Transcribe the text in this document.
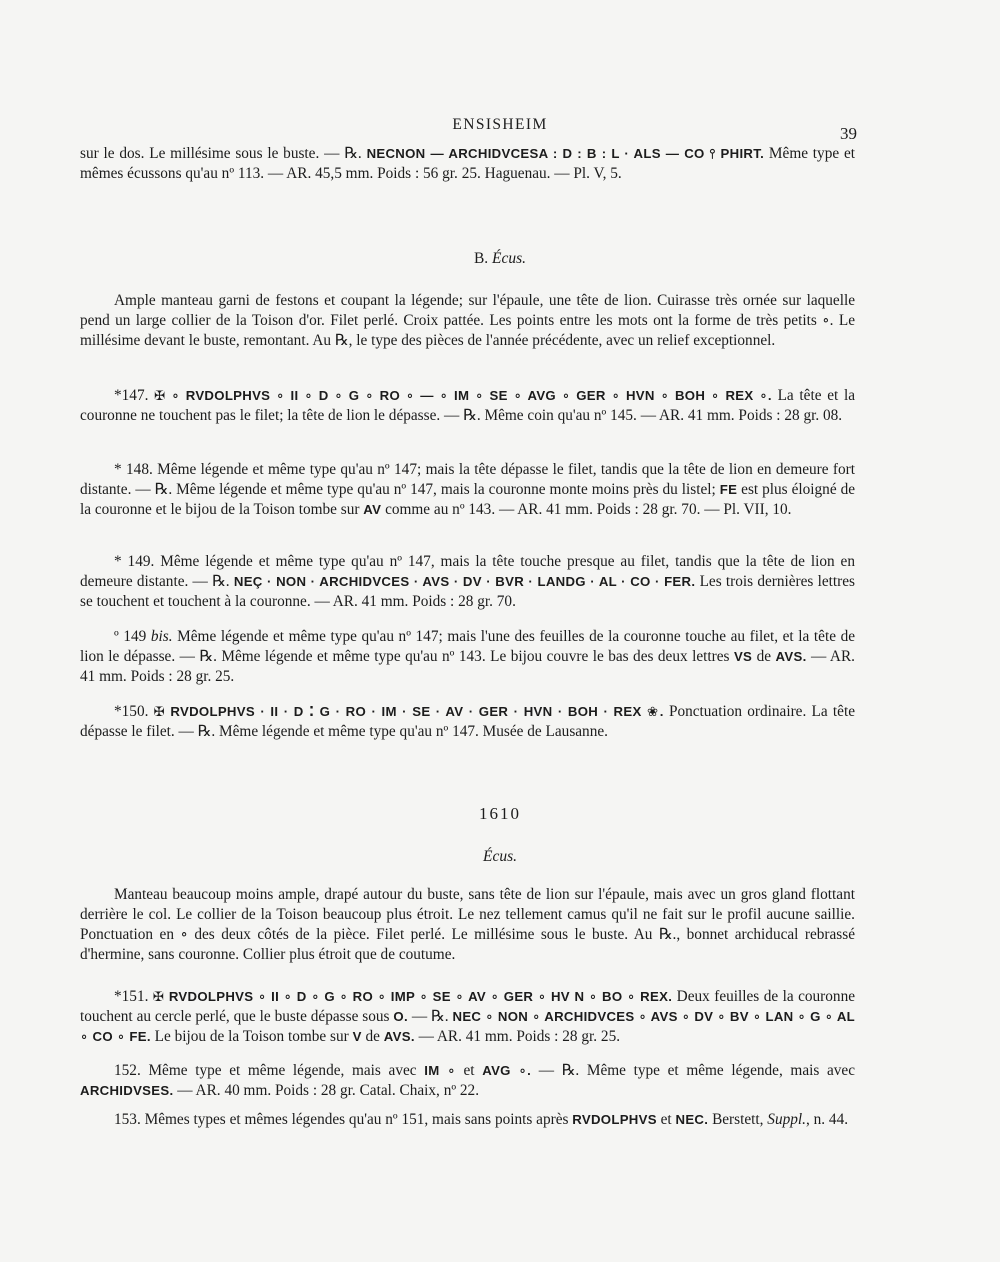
ENSISHEIM	39
sur le dos. Le millésime sous le buste. — ℞. NECNON — ARCHIDVCESA : D : B : L · ALS — CO ⫯ PHIRT. Même type et mêmes écussons qu'au nº 113. — AR. 45,5 mm. Poids : 56 gr. 25. Haguenau. — Pl. V, 5.
B. Écus.
Ample manteau garni de festons et coupant la légende; sur l'épaule, une tête de lion. Cuirasse très ornée sur laquelle pend un large collier de la Toison d'or. Filet perlé. Croix pattée. Les points entre les mots ont la forme de très petits ∘. Le millésime devant le buste, remontant. Au ℞, le type des pièces de l'année précédente, avec un relief exceptionnel.
*147. ✠ ∘ RVDOLPHVS ∘ II ∘ D ∘ G ∘ RO ∘ — ∘ IM ∘ SE ∘ AVG ∘ GER ∘ HVN ∘ BOH ∘ REX ∘. La tête et la couronne ne touchent pas le filet; la tête de lion le dépasse. — ℞. Même coin qu'au nº 145. — AR. 41 mm. Poids : 28 gr. 08.
* 148. Même légende et même type qu'au nº 147; mais la tête dépasse le filet, tandis que la tête de lion en demeure fort distante. — ℞. Même légende et même type qu'au nº 147, mais la couronne monte moins près du listel; FE est plus éloigné de la couronne et le bijou de la Toison tombe sur AV comme au nº 143. — AR. 41 mm. Poids : 28 gr. 70. — Pl. VII, 10.
* 149. Même légende et même type qu'au nº 147, mais la tête touche presque au filet, tandis que la tête de lion en demeure distante. — ℞. NEÇ · NON · ARCHIDVCES · AVS · DV · BVR · LANDG · AL · CO · FER. Les trois dernières lettres se touchent et touchent à la couronne. — AR. 41 mm. Poids : 28 gr. 70.
º 149 bis. Même légende et même type qu'au nº 147; mais l'une des feuilles de la couronne touche au filet, et la tête de lion le dépasse. — ℞. Même légende et même type qu'au nº 143. Le bijou couvre le bas des deux lettres VS de AVS. — AR. 41 mm. Poids : 28 gr. 25.
*150. ✠ RVDOLPHVS · II · D ⁚ G · RO · IM · SE · AV · GER · HVN · BOH · REX ❀. Ponctuation ordinaire. La tête dépasse le filet. — ℞. Même légende et même type qu'au nº 147. Musée de Lausanne.
1610
Écus.
Manteau beaucoup moins ample, drapé autour du buste, sans tête de lion sur l'épaule, mais avec un gros gland flottant derrière le col. Le collier de la Toison beaucoup plus étroit. Le nez tellement camus qu'il ne fait sur le profil aucune saillie. Ponctuation en ∘ des deux côtés de la pièce. Filet perlé. Le millésime sous le buste. Au ℞., bonnet archiducal rebrassé d'hermine, sans couronne. Collier plus étroit que de coutume.
*151. ✠ RVDOLPHVS ∘ II ∘ D ∘ G ∘ RO ∘ IMP ∘ SE ∘ AV ∘ GER ∘ HV N ∘ BO ∘ REX. Deux feuilles de la couronne touchent au cercle perlé, que le buste dépasse sous O. — ℞. NEC ∘ NON ∘ ARCHIDVCES ∘ AVS ∘ DV ∘ BV ∘ LAN ∘ G ∘ AL ∘ CO ∘ FE. Le bijou de la Toison tombe sur V de AVS. — AR. 41 mm. Poids : 28 gr. 25.
152. Même type et même légende, mais avec IM ∘ et AVG ∘. — ℞. Même type et même légende, mais avec ARCHIDVSES. — AR. 40 mm. Poids : 28 gr. Catal. Chaix, nº 22.
153. Mêmes types et mêmes légendes qu'au nº 151, mais sans points après RVDOLPHVS et NEC. Berstett, Suppl., n. 44.
